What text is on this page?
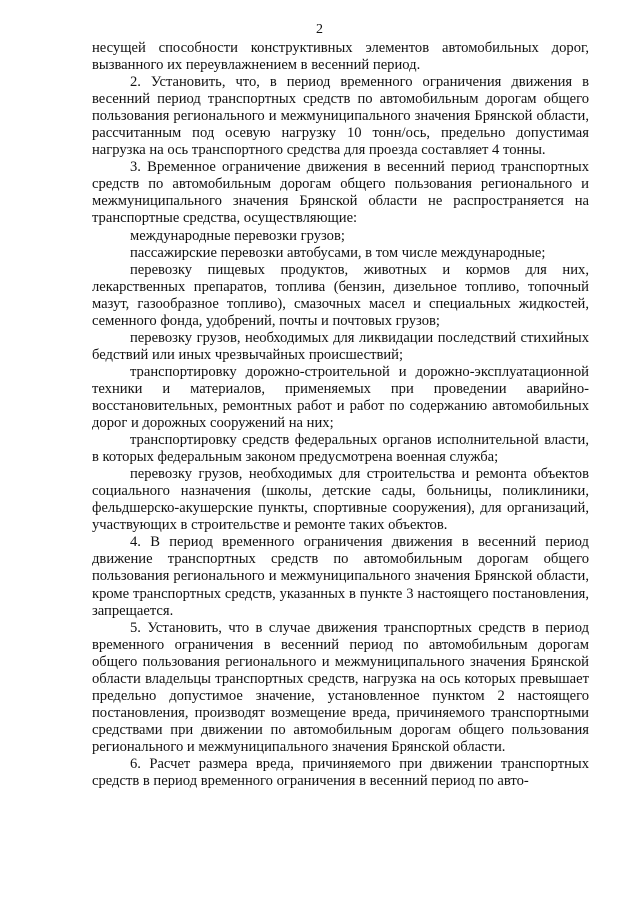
2

несущей способности конструктивных элементов автомобильных дорог, вызванного их переувлажнением в весенний период.

2. Установить, что, в период временного ограничения движения в весенний период транспортных средств по автомобильным дорогам общего пользования регионального и межмуниципального значения Брянской области, рассчитанным под осевую нагрузку 10 тонн/ось, предельно допустимая нагрузка на ось транспортного средства для проезда составляет 4 тонны.

3. Временное ограничение движения в весенний период транспортных средств по автомобильным дорогам общего пользования регионального и межмуниципального значения Брянской области не распространяется на транспортные средства, осуществляющие:

международные перевозки грузов;

пассажирские перевозки автобусами, в том числе международные;

перевозку пищевых продуктов, животных и кормов для них, лекарственных препаратов, топлива (бензин, дизельное топливо, топочный мазут, газообразное топливо), смазочных масел и специальных жидкостей, семенного фонда, удобрений, почты и почтовых грузов;

перевозку грузов, необходимых для ликвидации последствий стихийных бедствий или иных чрезвычайных происшествий;

транспортировку дорожно-строительной и дорожно-эксплуатационной техники и материалов, применяемых при проведении аварийно-восстановительных, ремонтных работ и работ по содержанию автомобильных дорог и дорожных сооружений на них;

транспортировку средств федеральных органов исполнительной власти, в которых федеральным законом предусмотрена военная служба;

перевозку грузов, необходимых для строительства и ремонта объектов социального назначения (школы, детские сады, больницы, поликлиники, фельдшерско-акушерские пункты, спортивные сооружения), для организаций, участвующих в строительстве и ремонте таких объектов.

4. В период временного ограничения движения в весенний период движение транспортных средств по автомобильным дорогам общего пользования регионального и межмуниципального значения Брянской области, кроме транспортных средств, указанных в пункте 3 настоящего постановления, запрещается.

5. Установить, что в случае движения транспортных средств в период временного ограничения в весенний период по автомобильным дорогам общего пользования регионального и межмуниципального значения Брянской области владельцы транспортных средств, нагрузка на ось которых превышает предельно допустимое значение, установленное пунктом 2 настоящего постановления, производят возмещение вреда, причиняемого транспортными средствами при движении по автомобильным дорогам общего пользования регионального и межмуниципального значения Брянской области.

6. Расчет размера вреда, причиняемого при движении транспортных средств в период временного ограничения в весенний период по авто-
